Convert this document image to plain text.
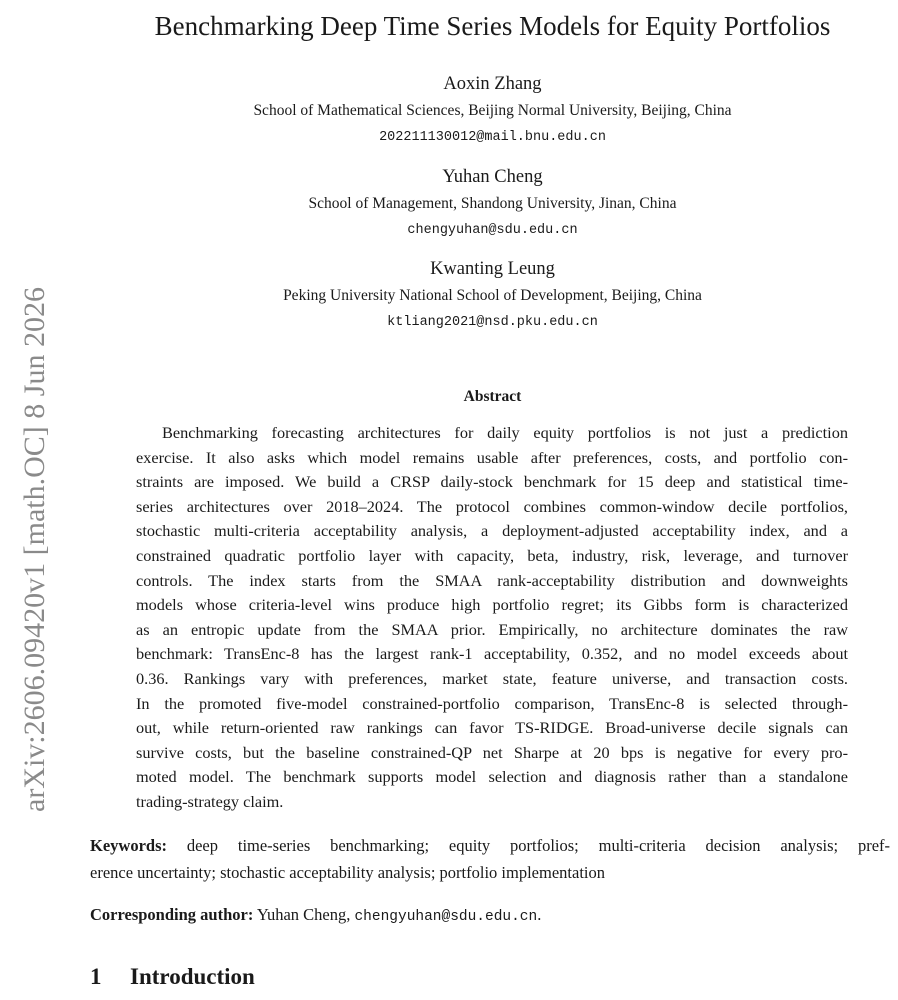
arXiv:2606.09420v1 [math.OC] 8 Jun 2026
Benchmarking Deep Time Series Models for Equity Portfolios
Aoxin Zhang
School of Mathematical Sciences, Beijing Normal University, Beijing, China
202211130012@mail.bnu.edu.cn
Yuhan Cheng
School of Management, Shandong University, Jinan, China
chengyuhan@sdu.edu.cn
Kwanting Leung
Peking University National School of Development, Beijing, China
ktliang2021@nsd.pku.edu.cn
Abstract
Benchmarking forecasting architectures for daily equity portfolios is not just a prediction
exercise. It also asks which model remains usable after preferences, costs, and portfolio con-
straints are imposed. We build a CRSP daily-stock benchmark for 15 deep and statistical time-
series architectures over 2018–2024. The protocol combines common-window decile portfolios,
stochastic multi-criteria acceptability analysis, a deployment-adjusted acceptability index, and a
constrained quadratic portfolio layer with capacity, beta, industry, risk, leverage, and turnover
controls. The index starts from the SMAA rank-acceptability distribution and downweights
models whose criteria-level wins produce high portfolio regret; its Gibbs form is characterized
as an entropic update from the SMAA prior. Empirically, no architecture dominates the raw
benchmark: TransEnc-8 has the largest rank-1 acceptability, 0.352, and no model exceeds about
0.36. Rankings vary with preferences, market state, feature universe, and transaction costs.
In the promoted five-model constrained-portfolio comparison, TransEnc-8 is selected through-
out, while return-oriented raw rankings can favor TS-RIDGE. Broad-universe decile signals can
survive costs, but the baseline constrained-QP net Sharpe at 20 bps is negative for every pro-
moted model. The benchmark supports model selection and diagnosis rather than a standalone
trading-strategy claim.
Keywords: deep time-series benchmarking; equity portfolios; multi-criteria decision analysis; pref-
erence uncertainty; stochastic acceptability analysis; portfolio implementation
Corresponding author: Yuhan Cheng, chengyuhan@sdu.edu.cn.
1 Introduction
